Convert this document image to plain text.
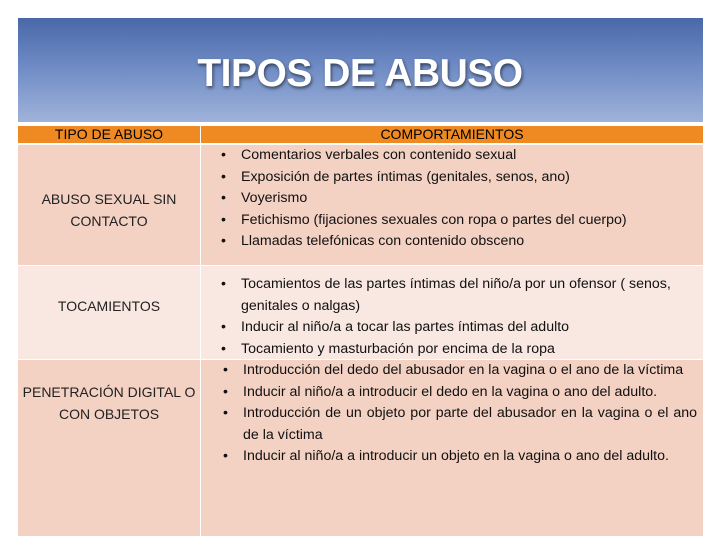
TIPOS DE ABUSO
TIPO DE ABUSO	COMPORTAMIENTOS
ABUSO SEXUAL SIN CONTACTO
• Comentarios verbales con contenido sexual
• Exposición de partes íntimas (genitales, senos, ano)
• Voyerismo
• Fetichismo (fijaciones sexuales con ropa o partes del cuerpo)
• Llamadas telefónicas con contenido obsceno
TOCAMIENTOS
• Tocamientos de las partes íntimas del niño/a por un ofensor ( senos, genitales o nalgas)
• Inducir al niño/a a tocar las partes íntimas del adulto
• Tocamiento y masturbación por encima de la ropa
PENETRACIÓN DIGITAL O CON OBJETOS
• Introducción del dedo del abusador en la vagina o el ano de la víctima
• Inducir al niño/a a introducir el dedo en la vagina o ano del adulto.
• Introducción de un objeto por parte del abusador en la vagina o el ano de la víctima
• Inducir al niño/a a introducir un objeto en la vagina o ano del adulto.
